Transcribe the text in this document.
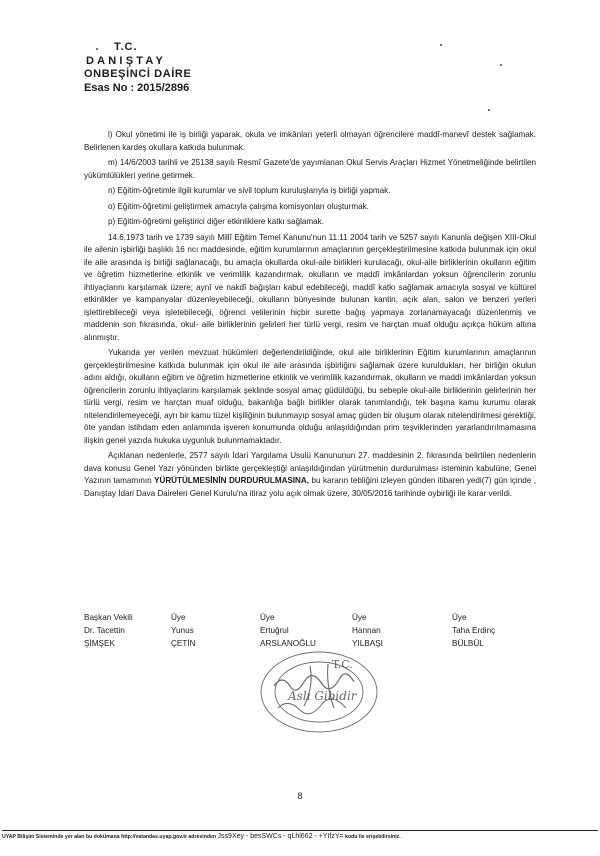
T.C.
DANIŞTAY
ONBEŞİNCİ DAİRE
Esas No : 2015/2896

l) Okul yönetimi ile iş birliği yaparak, okula ve imkânları yeterli olmayan öğrencilere maddî-manevî destek sağlamak. Belirlenen kardeş okullara katkıda bulunmak.

m) 14/6/2003 tarihli ve 25138 sayılı Resmî Gazete'de yayımlanan Okul Servis Araçları Hizmet Yönetmeliğinde belirtilen yükümlülükleri yerine getirmek.

n) Eğitim-öğretimle ilgili kurumlar ve sivil toplum kuruluşlarıyla iş birliği yapmak.

o) Eğitim-öğretimi geliştirmek amacıyla çalışma komisyonları oluşturmak.

p) Eğitim-öğretimi geliştirici diğer etkinliklere katkı sağlamak.

14.6.1973 tarih ve 1739 sayılı Millî Eğitim Temel Kanunu'nun 11.11 2004 tarih ve 5257 sayılı Kanunla değişen XIII-Okul ile ailenin işbirliği başlıklı 16 ncı maddesinde, eğitim kurumlarının amaçlarının gerçekleştirilmesine katkıda bulunmak için okul ile aile arasında iş birliği sağlanacağı, bu amaçla okullarda okul-aile birlikleri kurulacağı, okul-aile birliklerinin okulların eğitim ve öğretim hizmetlerine etkinlik ve verimlilik kazandırmak, okulların ve maddî imkânlardan yoksun öğrencilerin zorunlu ihtiyaçlarını karşılamak üzere; aynî ve nakdî bağışları kabul edebileceği, maddî katkı sağlamak amacıyla sosyal ve kültürel etkinlikler ve kampanyalar düzenleyebileceği, okulların bünyesinde bulunan kantin, açık alan, salon ve benzeri yerleri işlettirebileceği veya işletebileceği, öğrenci velilerinin hiçbir surette bağış yapmaya zorlanamayacağı düzenlenmiş ve maddenin son fıkrasında, okul- aile birliklerinin gelirleri her türlü vergi, resim ve harçtan muaf olduğu açıkça hüküm altına alınmıştır.

Yukarıda yer verilen mevzuat hükümleri değerlendirildiğinde, okul aile birliklerinin Eğitim kurumlarının amaçlarının gerçekleştirilmesine katkıda bulunmak için okul ile aile arasında işbirliğini sağlamak üzere kuruldukları, her birliğin okulun adını aldığı, okulların eğitim ve öğretim hizmetlerine etkinlik ve verimlilik kazandırmak, okulların ve maddi imkânlardan yoksun öğrencilerin zorunlu ihtiyaçlarını karşılamak şeklinde sosyal amaç güdüldüğü, bu sebeple okul-aile birliklerinin gelirlerinin her türlü vergi, resim ve harçtan muaf olduğu, bakanlığa bağlı birlikler olarak tanımlandığı, tek başına kamu kurumu olarak nitelendirilemeyeceği, ayrı bir kamu tüzel kişiliğinin bulunmayıp sosyal amaç güden bir oluşum olarak nitelendirilmesi gerektiği, öte yandan istihdam eden anlamında işveren konumunda olduğu anlaşıldığından prim teşviklerinden yararlandırılmamasına ilişkin genel yazıda hukuka uygunluk bulunmamaktadır.

Açıklanan nedenlerle, 2577 sayılı İdari Yargılama Usulü Kanununun 27. maddesinin 2. fıkrasında belirtilen nedenlerin dava konusu Genel Yazı yönünden birlikte gerçekleştiği anlaşıldığından yürütmenin durdurulması isteminin kabulüne, Genel Yazının tamamının YÜRÜTÜLMESİNİN DURDURULMASINA, bu kararın tebliğini izleyen günden itibaren yedi(7) gün içinde , Danıştay İdari Dava Daireleri Genel Kurulu'na itiraz yolu açık olmak üzere, 30/05/2016 tarihinde oybirliği ile karar verildi.

Başkan Vekili
Dr. Tacettin
ŞİMŞEK
Üye
Yunus
ÇETİN
Üye
Ertuğrul
ARSLANOĞLU
Üye
Hannan
YILBAŞI
Üye
Taha Erdinç
BÜLBÜL
T.C.
Aslı Gibidir
8
UYAP Bilişim Sisteminde yer alan bu dokümana http://vatandas.uyap.gov.tr adresinden Jss9Xey - besSWCs - qLhl662 - +YIfzY= kodu ile erişebilirsiniz.
